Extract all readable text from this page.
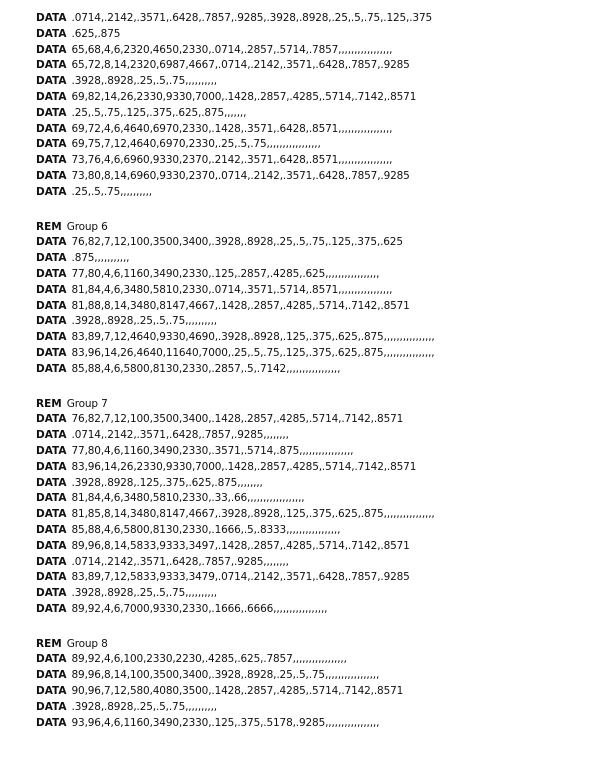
DATA .0714,.2142,.3571,.6428,.7857,.9285,.3928,.8928,.25,.5,.75,.125,.375
DATA .625,.875
DATA 65,68,4,6,2320,4650,2330,.0714,.2857,.5714,.7857,,,,,,,,,,,,,,,,,
DATA 65,72,8,14,2320,6987,4667,.0714,.2142,.3571,.6428,.7857,.9285
DATA .3928,.8928,.25,.5,.75,,,,,,,,,,
DATA 69,82,14,26,2330,9330,7000,.1428,.2857,.4285,.5714,.7142,.8571
DATA .25,.5,.75,.125,.375,.625,.875,,,,,,,
DATA 69,72,4,6,4640,6970,2330,.1428,.3571,.6428,.8571,,,,,,,,,,,,,,,,,
DATA 69,75,7,12,4640,6970,2330,.25,.5,.75,,,,,,,,,,,,,,,,,
DATA 73,76,4,6,6960,9330,2370,.2142,.3571,.6428,.8571,,,,,,,,,,,,,,,,,
DATA 73,80,8,14,6960,9330,2370,.0714,.2142,.3571,.6428,.7857,.9285
DATA .25,.5,.75,,,,,,,,,,
REM Group 6
DATA 76,82,7,12,100,3500,3400,.3928,.8928,.25,.5,.75,.125,.375,.625
DATA .875,,,,,,,,,,,
DATA 77,80,4,6,1160,3490,2330,.125,.2857,.4285,.625,,,,,,,,,,,,,,,,,
DATA 81,84,4,6,3480,5810,2330,.0714,.3571,.5714,.8571,,,,,,,,,,,,,,,,,
DATA 81,88,8,14,3480,8147,4667,.1428,.2857,.4285,.5714,.7142,.8571
DATA .3928,.8928,.25,.5,.75,,,,,,,,,,
DATA 83,89,7,12,4640,9330,4690,.3928,.8928,.125,.375,.625,.875,,,,,,,,,,,,,,,,
DATA 83,96,14,26,4640,11640,7000,.25,.5,.75,.125,.375,.625,.875,,,,,,,,,,,,,,,,
DATA 85,88,4,6,5800,8130,2330,.2857,.5,.7142,,,,,,,,,,,,,,,,,
REM Group 7
DATA 76,82,7,12,100,3500,3400,.1428,.2857,.4285,.5714,.7142,.8571
DATA .0714,.2142,.3571,.6428,.7857,.9285,,,,,,,,
DATA 77,80,4,6,1160,3490,2330,.3571,.5714,.875,,,,,,,,,,,,,,,,,
DATA 83,96,14,26,2330,9330,7000,.1428,.2857,.4285,.5714,.7142,.8571
DATA .3928,.8928,.125,.375,.625,.875,,,,,,,,
DATA 81,84,4,6,3480,5810,2330,.33,.66,,,,,,,,,,,,,,,,,,
DATA 81,85,8,14,3480,8147,4667,.3928,.8928,.125,.375,.625,.875,,,,,,,,,,,,,,,,
DATA 85,88,4,6,5800,8130,2330,.1666,.5,.8333,,,,,,,,,,,,,,,,,
DATA 89,96,8,14,5833,9333,3497,.1428,.2857,.4285,.5714,.7142,.8571
DATA .0714,.2142,.3571,.6428,.7857,.9285,,,,,,,,
DATA 83,89,7,12,5833,9333,3479,.0714,.2142,.3571,.6428,.7857,.9285
DATA .3928,.8928,.25,.5,.75,,,,,,,,,,
DATA 89,92,4,6,7000,9330,2330,.1666,.6666,,,,,,,,,,,,,,,,,
REM Group 8
DATA 89,92,4,6,100,2330,2230,.4285,.625,.7857,,,,,,,,,,,,,,,,,
DATA 89,96,8,14,100,3500,3400,.3928,.8928,.25,.5,.75,,,,,,,,,,,,,,,,,
DATA 90,96,7,12,580,4080,3500,.1428,.2857,.4285,.5714,.7142,.8571
DATA .3928,.8928,.25,.5,.75,,,,,,,,,,
DATA 93,96,4,6,1160,3490,2330,.125,.375,.5178,.9285,,,,,,,,,,,,,,,,,
